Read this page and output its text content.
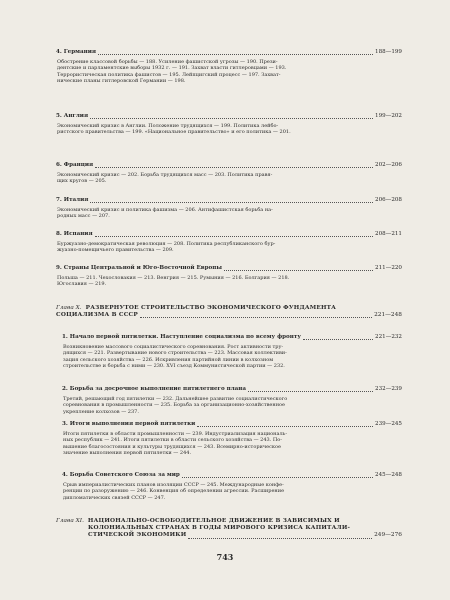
4. Германия	188—199
Обострение классовой борьбы — 188. Усиление фашистской угрозы — 190. Прези-
дентские и парламентские выборы 1932 г. — 191. Захват власти гитлеровцами — 193.
Террористическая политика фашистов — 195. Лейпцигский процесс — 197. Захват-
нические планы гитлеровской Германии — 198.
5. Англия	199—202
Экономический кризис в Англии. Положение трудящихся — 199. Политика лейбо-
ристского правительства — 199. «Национальное правительство» и его политика — 201.
6. Франция	202—206
Экономический кризис — 202. Борьба трудящихся масс — 203. Политика правя-
щих кругов — 205.
7. Италия	206—208
Экономический кризис и политика фашизма — 206. Антифашистская борьба на-
родных масс — 207.
8. Испания	208—211
Буржуазно-демократическая революция — 208. Политика республиканского бур-
жуазно-помещичьего правительства — 209.
9. Страны Центральной и Юго-Восточной Европы	211—220
Польша — 211. Чехословакия — 213. Венгрия — 215. Румыния — 216. Болгария — 218.
Югославия — 219.
Глава X. РАЗВЕРНУТОЕ СТРОИТЕЛЬСТВО ЭКОНОМИЧЕСКОГО ФУНДАМЕНТА
СОЦИАЛИЗМА В СССР	221—248
1. Начало первой пятилетки. Наступление социализма по всему фронту	221—232
Возникновение массового социалистического соревнования. Рост активности тру-
дящихся — 221. Развертывание нового строительства — 223. Массовая коллективи-
зация сельского хозяйства — 226. Искривления партийной линии в колхозном
строительстве и борьба с ними — 230. XVI съезд Коммунистической партии — 232.
2. Борьба за досрочное выполнение пятилетнего плана	232—239
Третий, решающий год пятилетки — 232. Дальнейшее развитие социалистического
соревнования в промышленности — 235. Борьба за организационно-хозяйственное
укрепление колхозов — 237.
3. Итоги выполнения первой пятилетки	239—245
Итоги пятилетки в области промышленности — 239. Индустриализация националь-
ных республик — 241. Итоги пятилетки в области сельского хозяйства — 243. По-
вышение благосостояния и культуры трудящихся — 243. Всемирно-историческое
значение выполнения первой пятилетки — 244.
4. Борьба Советского Союза за мир	245—248
Срыв империалистических планов изоляции СССР — 245. Международные конфе-
ренции по разоружению — 246. Конвенция об определении агрессии. Расширение
дипломатических связей СССР — 247.
Глава XI. НАЦИОНАЛЬНО-ОСВОБОДИТЕЛЬНОЕ ДВИЖЕНИЕ В ЗАВИСИМЫХ И
КОЛОНИАЛЬНЫХ СТРАНАХ В ГОДЫ МИРОВОГО КРИЗИСА КАПИТАЛИ-
СТИЧЕСКОЙ ЭКОНОМИКИ	249—276
743
